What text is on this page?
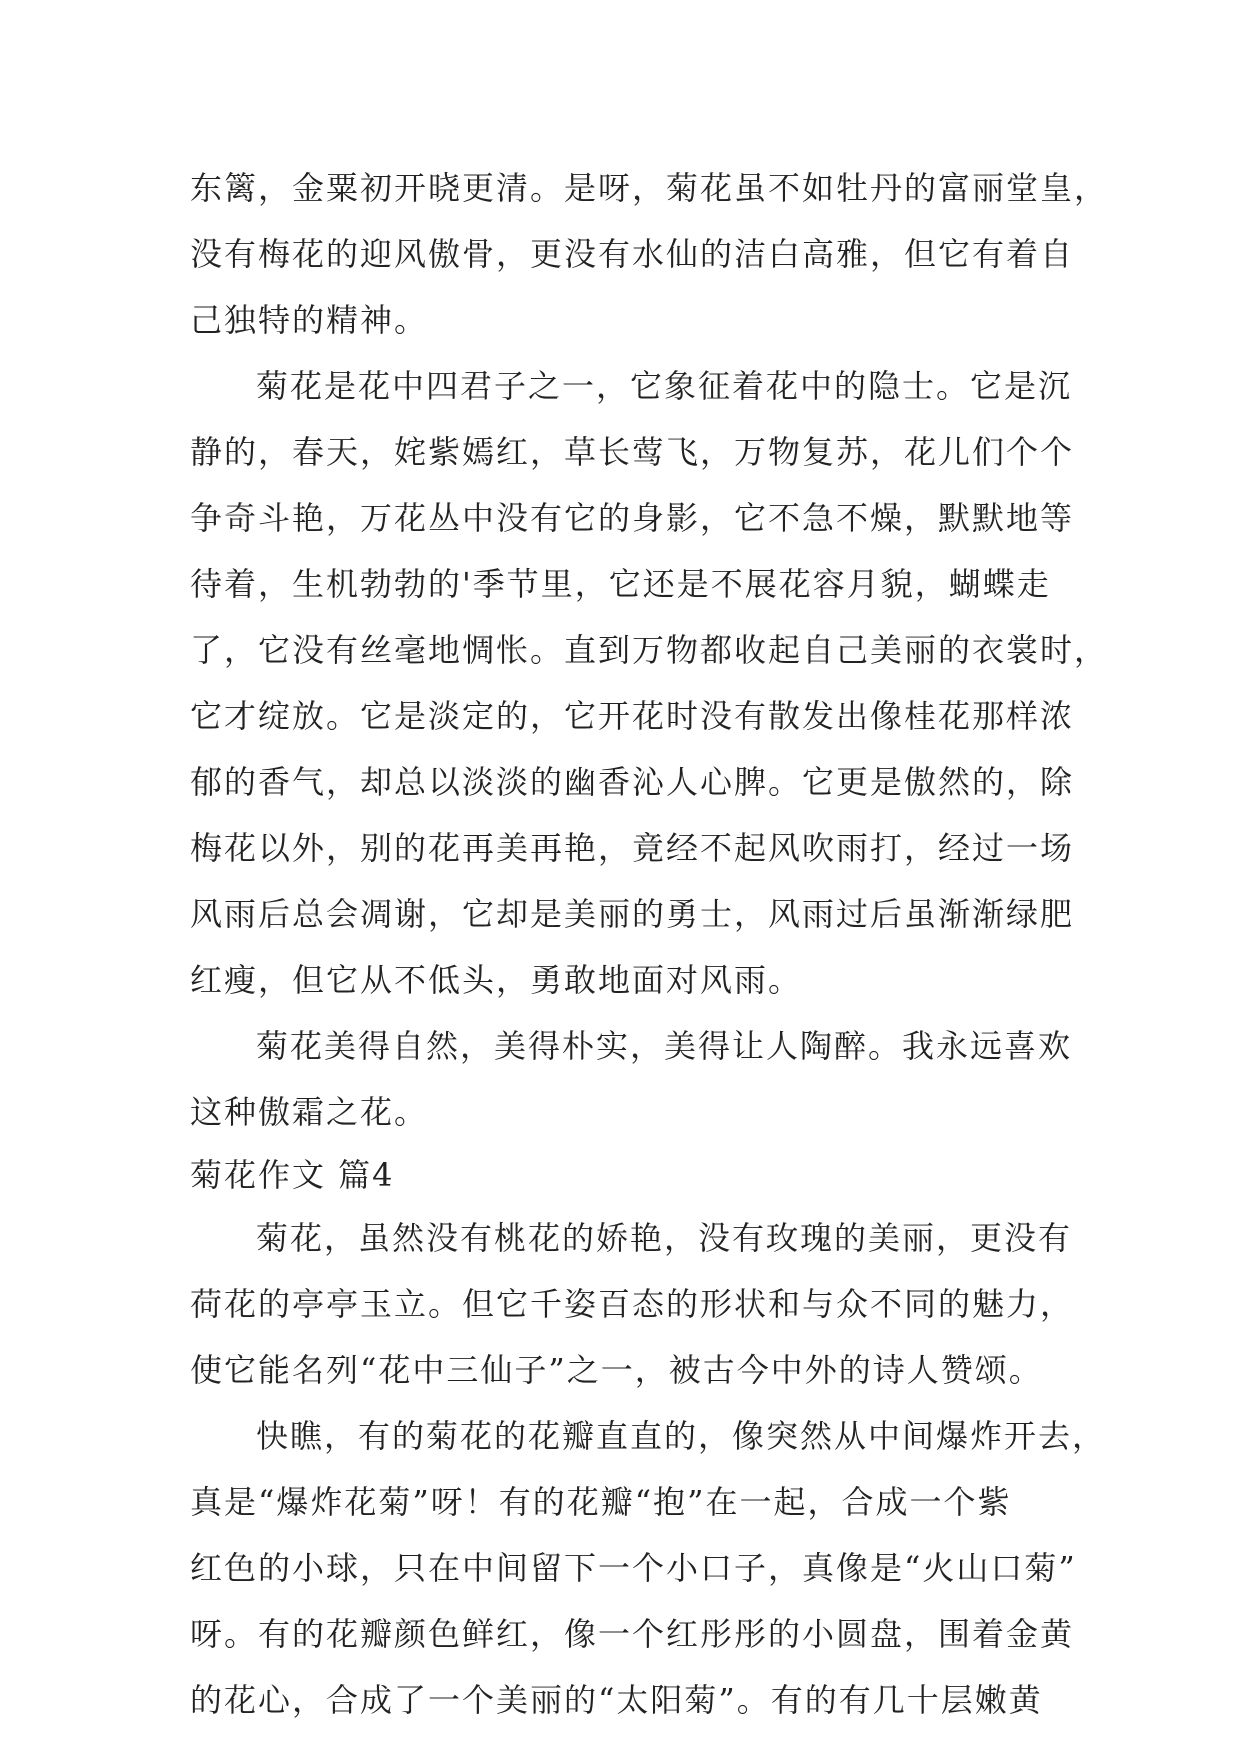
东篱，金粟初开晓更清。是呀，菊花虽不如牡丹的富丽堂皇，
没有梅花的迎风傲骨，更没有水仙的洁白高雅，但它有着自
己独特的精神。
菊花是花中四君子之一，它象征着花中的隐士。它是沉
静的，春天，姹紫嫣红，草长莺飞，万物复苏，花儿们个个
争奇斗艳，万花丛中没有它的身影，它不急不燥，默默地等
待着，生机勃勃的'季节里，它还是不展花容月貌，蝴蝶走
了，它没有丝毫地惆怅。直到万物都收起自己美丽的衣裳时，
它才绽放。它是淡定的，它开花时没有散发出像桂花那样浓
郁的香气，却总以淡淡的幽香沁人心脾。它更是傲然的，除
梅花以外，别的花再美再艳，竟经不起风吹雨打，经过一场
风雨后总会凋谢，它却是美丽的勇士，风雨过后虽渐渐绿肥
红瘦，但它从不低头，勇敢地面对风雨。
菊花美得自然，美得朴实，美得让人陶醉。我永远喜欢
这种傲霜之花。
菊花作文 篇4
菊花，虽然没有桃花的娇艳，没有玫瑰的美丽，更没有
荷花的亭亭玉立。但它千姿百态的形状和与众不同的魅力，
使它能名列“花中三仙子”之一，被古今中外的诗人赞颂。
快瞧，有的菊花的花瓣直直的，像突然从中间爆炸开去，
真是“爆炸花菊”呀！有的花瓣“抱”在一起，合成一个紫
红色的小球，只在中间留下一个小口子，真像是“火山口菊”
呀。有的花瓣颜色鲜红，像一个红彤彤的小圆盘，围着金黄
的花心，合成了一个美丽的“太阳菊”。有的有几十层嫩黄
